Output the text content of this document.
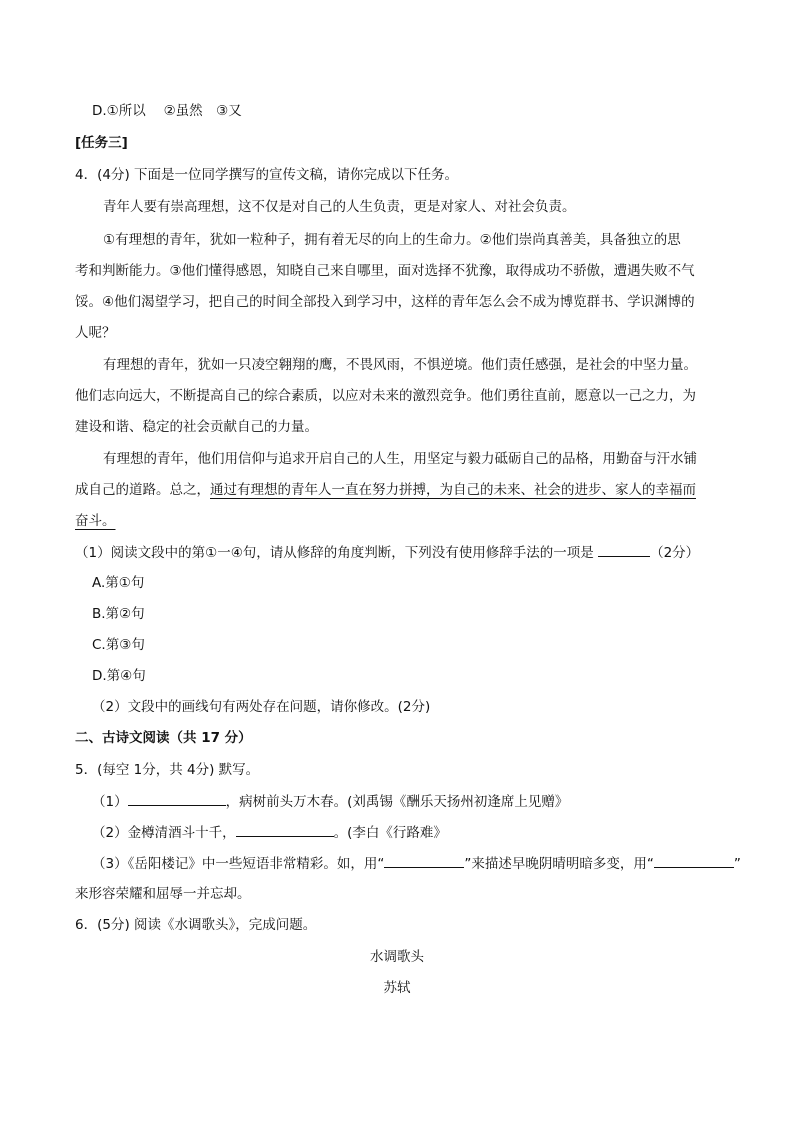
D.①所以　 ②虽然　③又
[任务三]
4．(4分) 下面是一位同学撰写的宣传文稿，请你完成以下任务。
青年人要有崇高理想，这不仅是对自己的人生负责，更是对家人、对社会负责。
①有理想的青年，犹如一粒种子，拥有着无尽的向上的生命力。②他们崇尚真善美，具备独立的思
考和判断能力。③他们懂得感恩，知晓自己来自哪里，面对选择不犹豫，取得成功不骄傲，遭遇失败不气
馁。④他们渴望学习，把自己的时间全部投入到学习中，这样的青年怎么会不成为博览群书、学识渊博的
人呢？
有理想的青年，犹如一只凌空翱翔的鹰，不畏风雨，不惧逆境。他们责任感强，是社会的中坚力量。
他们志向远大，不断提高自己的综合素质，以应对未来的激烈竞争。他们勇往直前，愿意以一己之力，为
建设和谐、稳定的社会贡献自己的力量。
有理想的青年，他们用信仰与追求开启自己的人生，用坚定与毅力砥砺自己的品格，用勤奋与汗水铺
成自己的道路。总之，通过有理想的青年人一直在努力拼搏，为自己的未来、社会的进步、家人的幸福而
奋斗。
（1）阅读文段中的第①一④句，请从修辞的角度判断，下列没有使用修辞手法的一项是	（2分）
A.第①句
B.第②句
C.第③句
D.第④句
（2）文段中的画线句有两处存在问题，请你修改。(2分)
二、古诗文阅读（共 17 分）
5．(每空 1分，共 4分) 默写。
（1）	，病树前头万木春。(刘禹锡《酬乐天扬州初逢席上见赠》
（2）金樽清酒斗十千，	。(李白《行路难》
（3）《岳阳楼记》中一些短语非常精彩。如，用“	”来描述早晚阴晴明暗多变，用“	”
来形容荣耀和屈辱一并忘却。
6．(5分) 阅读《水调歌头》，完成问题。
水调歌头
苏轼
